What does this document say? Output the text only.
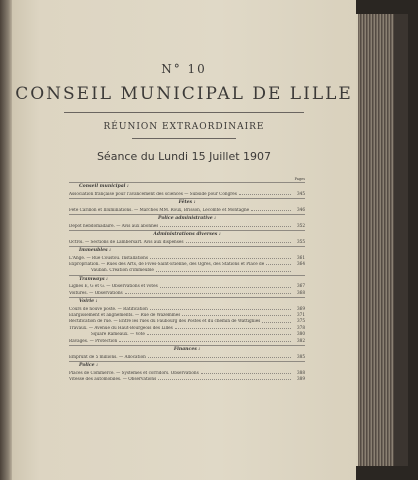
N° 10
CONSEIL MUNICIPAL DE LILLE
RÉUNION EXTRAORDINAIRE
Séance du Lundi 15 Juillet 1907
Pages
Conseil municipal :
Association française pour l'avancement des sciences — Subside pour Congrès	345
Fêtes :
Fête Carillon et Illuminations. — Marchés MM. Roux, Brisson, Lecomte et Montagne	346
Police administrative :
Dépôt hebdomadaire. — Avis aux abonnés	352
Administrations diverses :
Octroi. — Sections de Lambersart. Avis aux dispenses	355
Immeubles :
L'Ange. — Rue Coustou. Installations	361
Expropriation. — Rues des Arts, de Fives-Saint-Etienne, des Ogres, des Stations et Place de	364
Vauban. Création d'immeuble
Tramways :
Lignes E, G et G. — Observations et votes	367
Voitures. — Observations	368
Voirie :
Cours de nouve poste. — Ratification	369
Elargissement et alignements. — Rue de Wazemmes	371
Rectification de rue. — Entre les rues du Faubourg des Postes et du chemin de Wattignies	375
Travaux. — Avenue du Haut-Bourgeois des Lilles	378
Square Rameaux. — Vote	380
Ravages. — Protection	382
Finances :
Emprunt de 5 millions. — Allocation	385
Police :
Places de Commerce. — Systèmes et corridors. Observations	388
Vitesse des automobiles. — Observations	389
